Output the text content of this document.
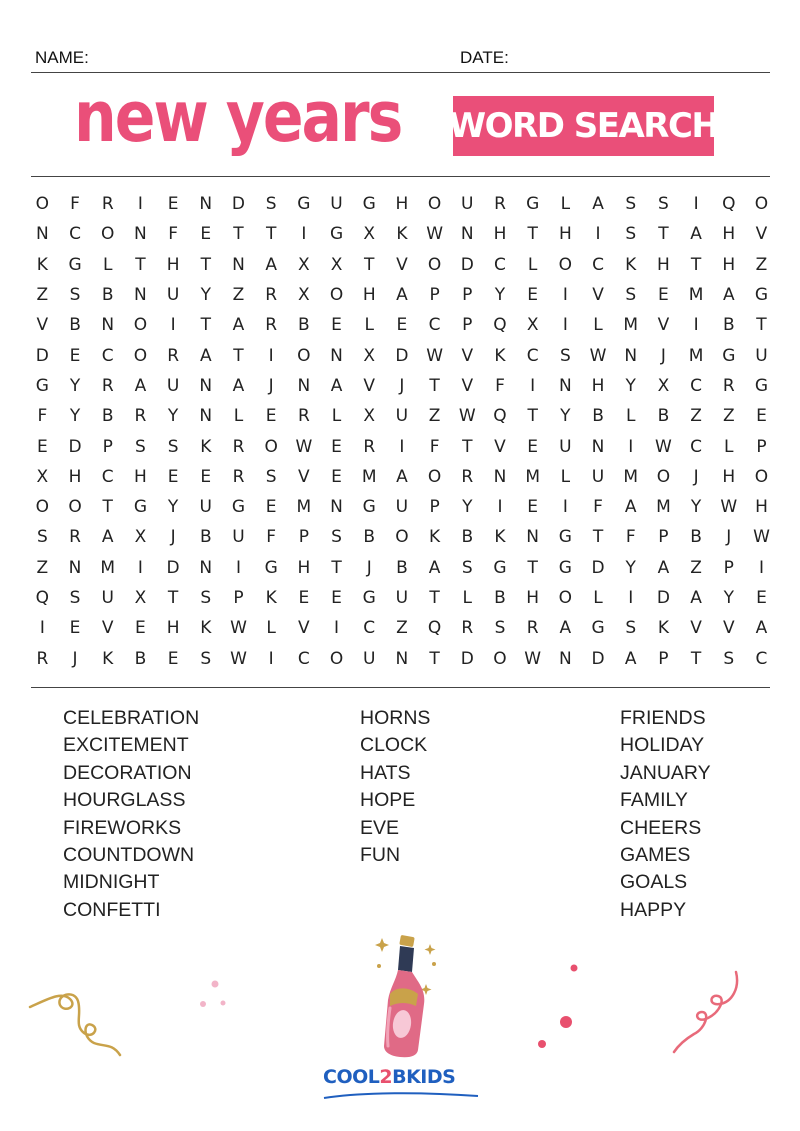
NAME:	DATE:
new years WORD SEARCH
O	F	R	I	E	N	D	S	G	U	G	H	O	U	R	G	L	A	S	S	I	Q	O
N	C	O	N	F	E	T	T	I	G	X	K	W	N	H	T	H	I	S	T	A	H	V
K	G	L	T	H	T	N	A	X	X	T	V	O	D	C	L	O	C	K	H	T	H	Z
Z	S	B	N	U	Y	Z	R	X	O	H	A	P	P	Y	E	I	V	S	E	M	A	G
V	B	N	O	I	T	A	R	B	E	L	E	C	P	Q	X	I	L	M	V	I	B	T
D	E	C	O	R	A	T	I	O	N	X	D	W	V	K	C	S	W	N	J	M	G	U
G	Y	R	A	U	N	A	J	N	A	V	J	T	V	F	I	N	H	Y	X	C	R	G
F	Y	B	R	Y	N	L	E	R	L	X	U	Z	W	Q	T	Y	B	L	B	Z	Z	E
E	D	P	S	S	K	R	O	W	E	R	I	F	T	V	E	U	N	I	W	C	L	P
X	H	C	H	E	E	R	S	V	E	M	A	O	R	N	M	L	U	M	O	J	H	O
O	O	T	G	Y	U	G	E	M	N	G	U	P	Y	I	E	I	F	A	M	Y	W	H
S	R	A	X	J	B	U	F	P	S	B	O	K	B	K	N	G	T	F	P	B	J	W
Z	N	M	I	D	N	I	G	H	T	J	B	A	S	G	T	G	D	Y	A	Z	P	I
Q	S	U	X	T	S	P	K	E	E	G	U	T	L	B	H	O	L	I	D	A	Y	E
I	E	V	E	H	K	W	L	V	I	C	Z	Q	R	S	R	A	G	S	K	V	V	A
R	J	K	B	E	S	W	I	C	O	U	N	T	D	O	W	N	D	A	P	T	S	C
CELEBRATION
EXCITEMENT
DECORATION
HOURGLASS
FIREWORKS
COUNTDOWN
MIDNIGHT
CONFETTI
HORNS
CLOCK
HATS
HOPE
EVE
FUN
FRIENDS
HOLIDAY
JANUARY
FAMILY
CHEERS
GAMES
GOALS
HAPPY
COOL2BKIDS
